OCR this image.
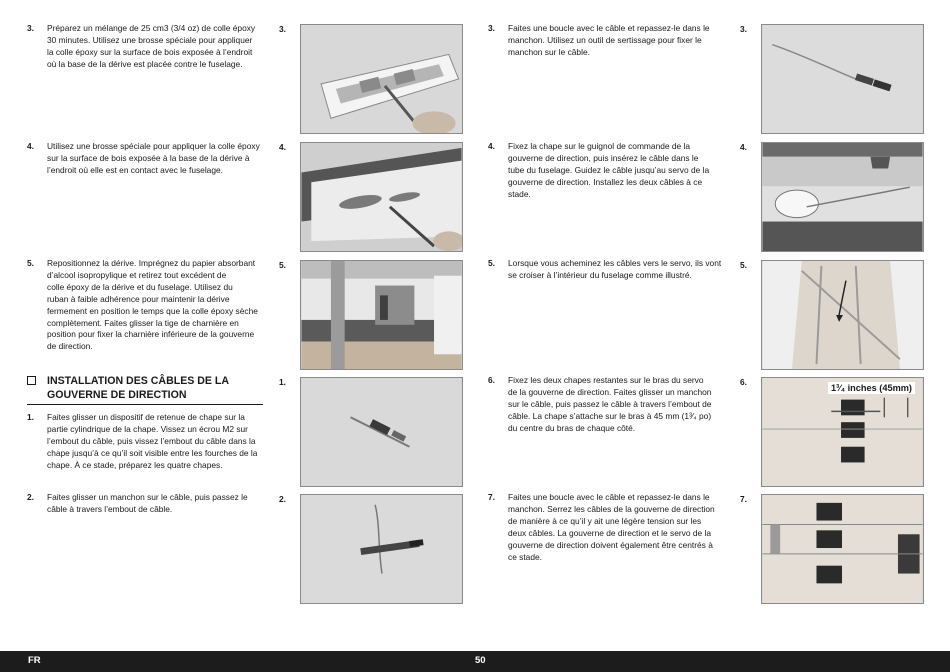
3. Préparez un mélange de 25 cm3 (3/4 oz) de colle époxy
30 minutes. Utilisez une brosse spéciale pour appliquer
la colle époxy sur la surface de bois exposée à l’endroit
où la base de la dérive est placée contre le fuselage.
4. Utilisez une brosse spéciale pour appliquer la colle époxy
sur la surface de bois exposée à la base de la dérive à
l’endroit où elle est en contact avec le fuselage.
5. Repositionnez la dérive. Imprégnez du papier absorbant
d’alcool isopropylique et retirez tout excédent de
colle époxy de la dérive et du fuselage. Utilisez du
ruban à faible adhérence pour maintenir la dérive
fermement en position le temps que la colle époxy sèche
complètement. Faites glisser la tige de charnière en
position pour fixer la charnière inférieure de la gouverne
de direction.
INSTALLATION DES CÂBLES DE LA
GOUVERNE DE DIRECTION
1. Faites glisser un dispositif de retenue de chape sur la
partie cylindrique de la chape. Vissez un écrou M2 sur
l’embout du câble, puis vissez l’embout du câble dans la
chape jusqu’à ce qu’il soit visible entre les fourches de la
chape. À ce stade, préparez les quatre chapes.
2. Faites glisser un manchon sur le câble, puis passez le
câble à travers l’embout de câble.
3.
4.
5.
1.
2.
3. Faites une boucle avec le câble et repassez-le dans le
manchon. Utilisez un outil de sertissage pour fixer le
manchon sur le câble.
4. Fixez la chape sur le guignol de commande de la
gouverne de direction, puis insérez le câble dans le
tube du fuselage. Guidez le câble jusqu’au servo de la
gouverne de direction. Installez les deux câbles à ce
stade.
5. Lorsque vous acheminez les câbles vers le servo, ils vont
se croiser à l’intérieur du fuselage comme illustré.
6. Fixez les deux chapes restantes sur le bras du servo
de la gouverne de direction. Faites glisser un manchon
sur le câble, puis passez le câble à travers l’embout de
câble. La chape s’attache sur le bras à 45 mm (1³⁄₄ po)
du centre du bras de chaque côté.
7. Faites une boucle avec le câble et repassez-le dans le
manchon. Serrez les câbles de la gouverne de direction
de manière à ce qu’il y ait une légère tension sur les
deux câbles. La gouverne de direction et le servo de la
gouverne de direction doivent également être centrés à
ce stade.
3.
4.
5.
6.
1³⁄₄ inches (45mm)
7.
FR	50
